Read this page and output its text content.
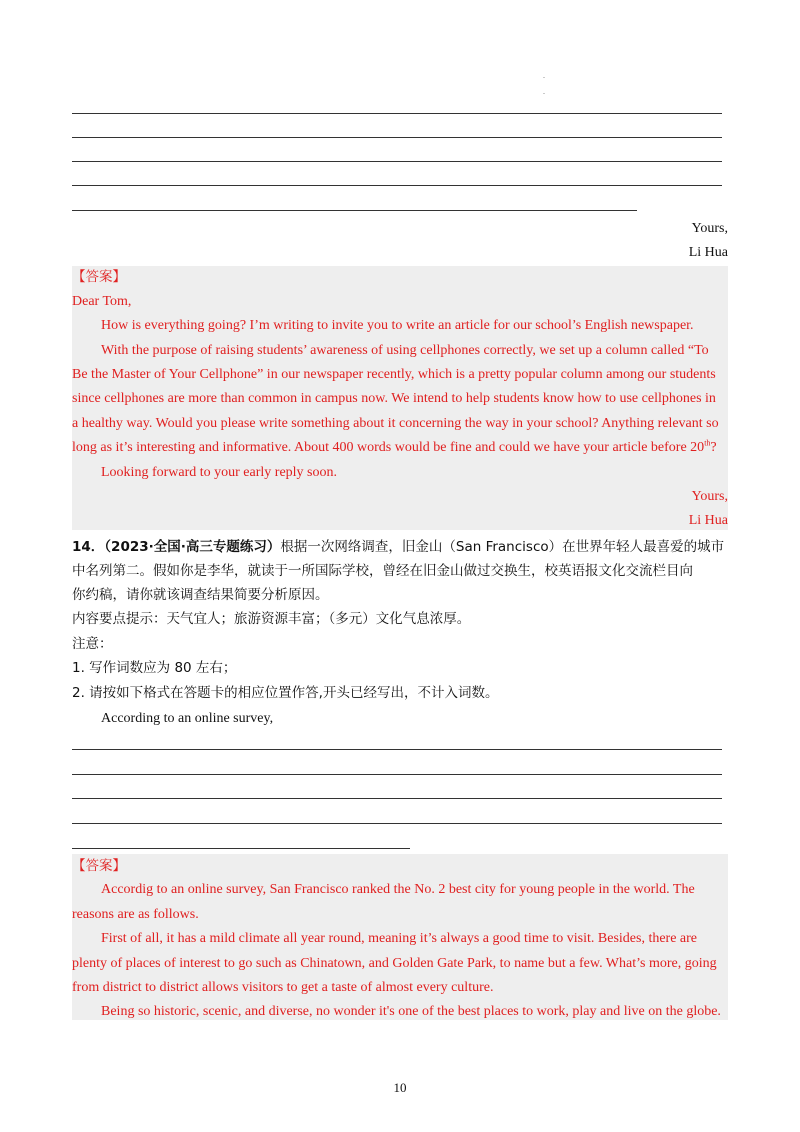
.
.
Yours,
Li Hua
【答案】
Dear Tom,
How is everything going? I’m writing to invite you to write an article for our school’s English newspaper.
With the purpose of raising students’ awareness of using cellphones correctly, we set up a column called “To
Be the Master of Your Cellphone” in our newspaper recently, which is a pretty popular column among our students
since cellphones are more than common in campus now. We intend to help students know how to use cellphones in
a healthy way. Would you please write something about it concerning the way in your school? Anything relevant so
long as it’s interesting and informative. About 400 words would be fine and could we have your article before 20th?
Looking forward to your early reply soon.
Yours,
Li Hua
14．（2023·全国·高三专题练习）根据一次网络调查，旧金山（San Francisco）在世界年轻人最喜爱的城市
中名列第二。假如你是李华，就读于一所国际学校，曾经在旧金山做过交换生，校英语报文化交流栏目向
你约稿，请你就该调查结果简要分析原因。
内容要点提示：天气宜人；旅游资源丰富；（多元）文化气息浓厚。
注意：
1. 写作词数应为 80 左右；
2. 请按如下格式在答题卡的相应位置作答,开头已经写出，不计入词数。
According to an online survey,
【答案】
Accordig to an online survey, San Francisco ranked the No. 2 best city for young people in the world. The
reasons are as follows.
First of all, it has a mild climate all year round, meaning it’s always a good time to visit. Besides, there are
plenty of places of interest to go such as Chinatown, and Golden Gate Park, to name but a few. What’s more, going
from district to district allows visitors to get a taste of almost every culture.
Being so historic, scenic, and diverse, no wonder it's one of the best places to work, play and live on the globe.
10
